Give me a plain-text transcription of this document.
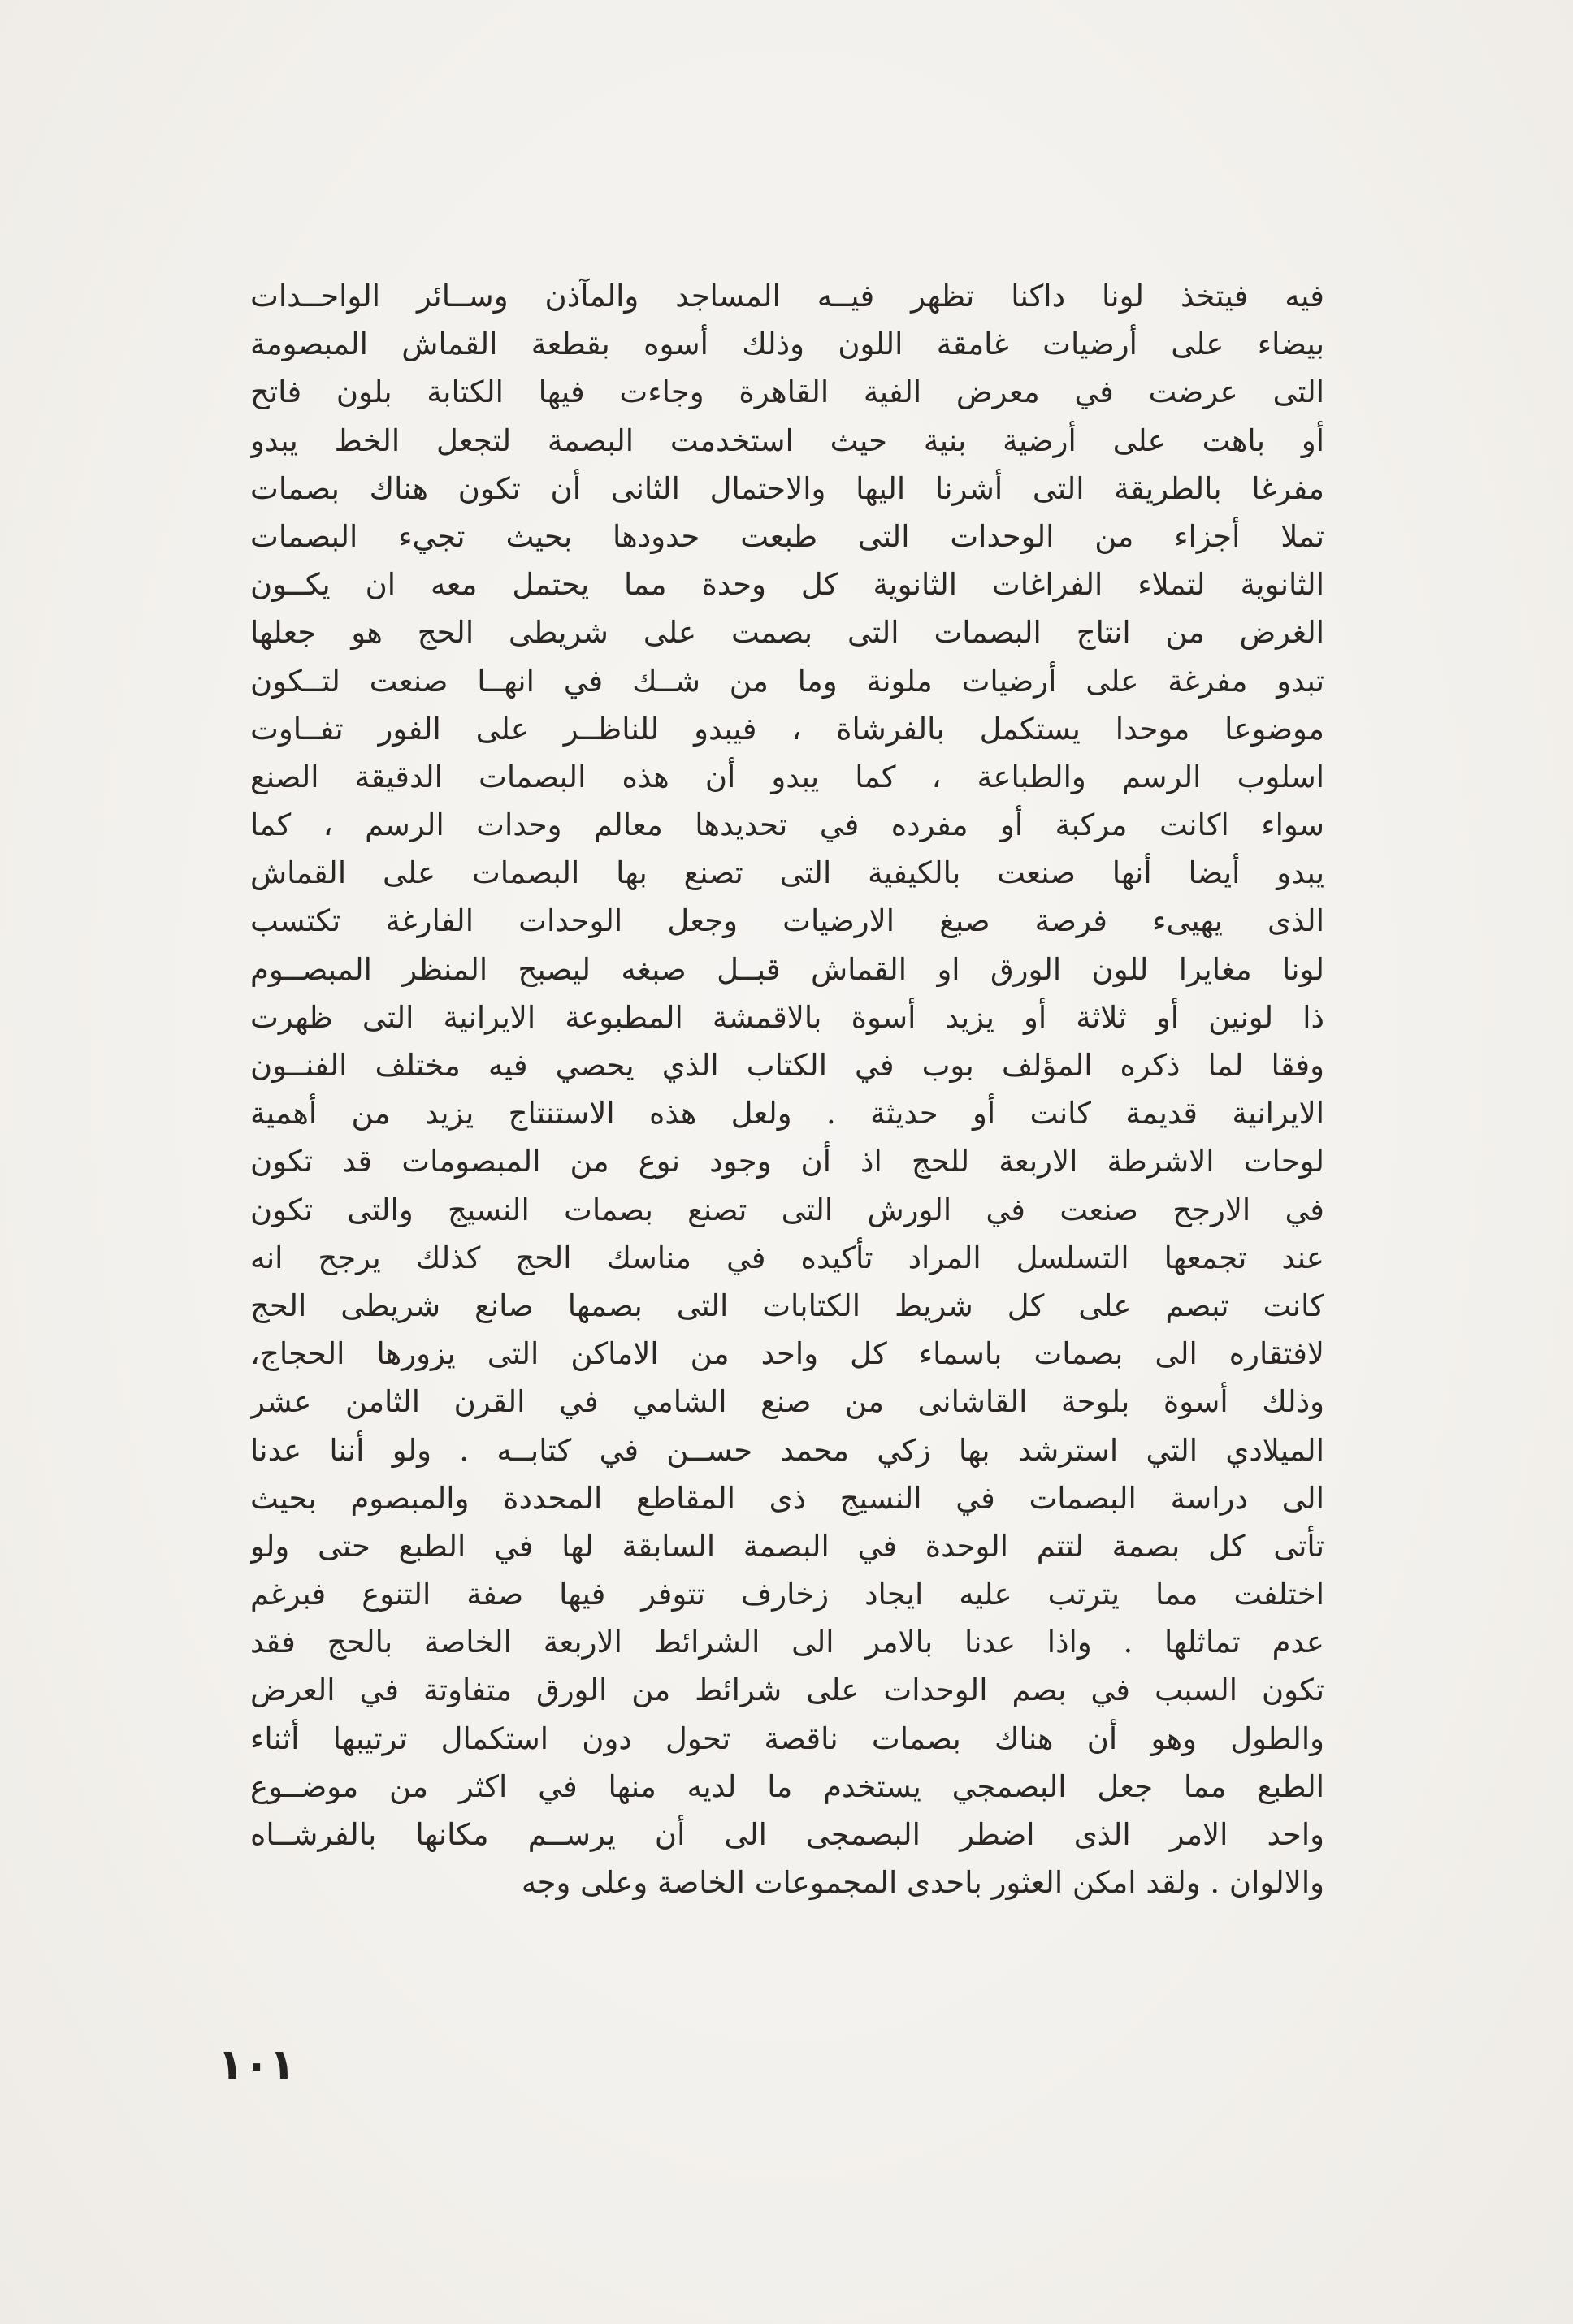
فيه فيتخذ لونا داكنا تظهر فيــه المساجد والمآذن وســائر الواحــدات
بيضاء على أرضيات غامقة اللون وذلك أسوه بقطعة القماش المبصومة
التى عرضت في معرض الفية القاهرة وجاءت فيها الكتابة بلون فاتح
أو باهت على أرضية بنية حيث استخدمت البصمة لتجعل الخط يبدو
مفرغا بالطريقة التى أشرنا اليها والاحتمال الثانى أن تكون هناك بصمات
تملا أجزاء من الوحدات التى طبعت حدودها بحيث تجيء البصمات
الثانوية لتملاء الفراغات الثانوية كل وحدة مما يحتمل معه ان يكــون
الغرض من انتاج البصمات التى بصمت على شريطى الحج هو جعلها
تبدو مفرغة على أرضيات ملونة وما من شــك في انهــا صنعت لتــكون
موضوعا موحدا يستكمل بالفرشاة ، فيبدو للناظــر على الفور تفــاوت
اسلوب الرسم والطباعة ، كما يبدو أن هذه البصمات الدقيقة الصنع
سواء اكانت مركبة أو مفرده في تحديدها معالم وحدات الرسم ، كما
يبدو أيضا أنها صنعت بالكيفية التى تصنع بها البصمات على القماش
الذى يهيىء فرصة صبغ الارضيات وجعل الوحدات الفارغة تكتسب
لونا مغايرا للون الورق او القماش قبــل صبغه ليصبح المنظر المبصــوم
ذا لونين أو ثلاثة أو يزيد أسوة بالاقمشة المطبوعة الايرانية التى ظهرت
وفقا لما ذكره المؤلف بوب في الكتاب الذي يحصي فيه مختلف الفنــون
الايرانية قديمة كانت أو حديثة . ولعل هذه الاستنتاج يزيد من أهمية
لوحات الاشرطة الاربعة للحج اذ أن وجود نوع من المبصومات قد تكون
في الارجح صنعت في الورش التى تصنع بصمات النسيج والتى تكون
عند تجمعها التسلسل المراد تأكيده في مناسك الحج كذلك يرجح انه
كانت تبصم على كل شريط الكتابات التى بصمها صانع شريطى الحج
لافتقاره الى بصمات باسماء كل واحد من الاماكن التى يزورها الحجاج،
وذلك أسوة بلوحة القاشانى من صنع الشامي في القرن الثامن عشر
الميلادي التي استرشد بها زكي محمد حســن في كتابــه . ولو أننا عدنا
الى دراسة البصمات في النسيج ذى المقاطع المحددة والمبصوم بحيث
تأتى كل بصمة لتتم الوحدة في البصمة السابقة لها في الطبع حتى ولو
اختلفت مما يترتب عليه ايجاد زخارف تتوفر فيها صفة التنوع فبرغم
عدم تماثلها . واذا عدنا بالامر الى الشرائط الاربعة الخاصة بالحج فقد
تكون السبب في بصم الوحدات على شرائط من الورق متفاوتة في العرض
والطول وهو أن هناك بصمات ناقصة تحول دون استكمال ترتيبها أثناء
الطبع مما جعل البصمجي يستخدم ما لديه منها في اكثر من موضــوع
واحد الامر الذى اضطر البصمجى الى أن يرســم مكانها بالفرشــاه
والالوان . ولقد امكن العثور باحدى المجموعات الخاصة وعلى وجه
١٠١
